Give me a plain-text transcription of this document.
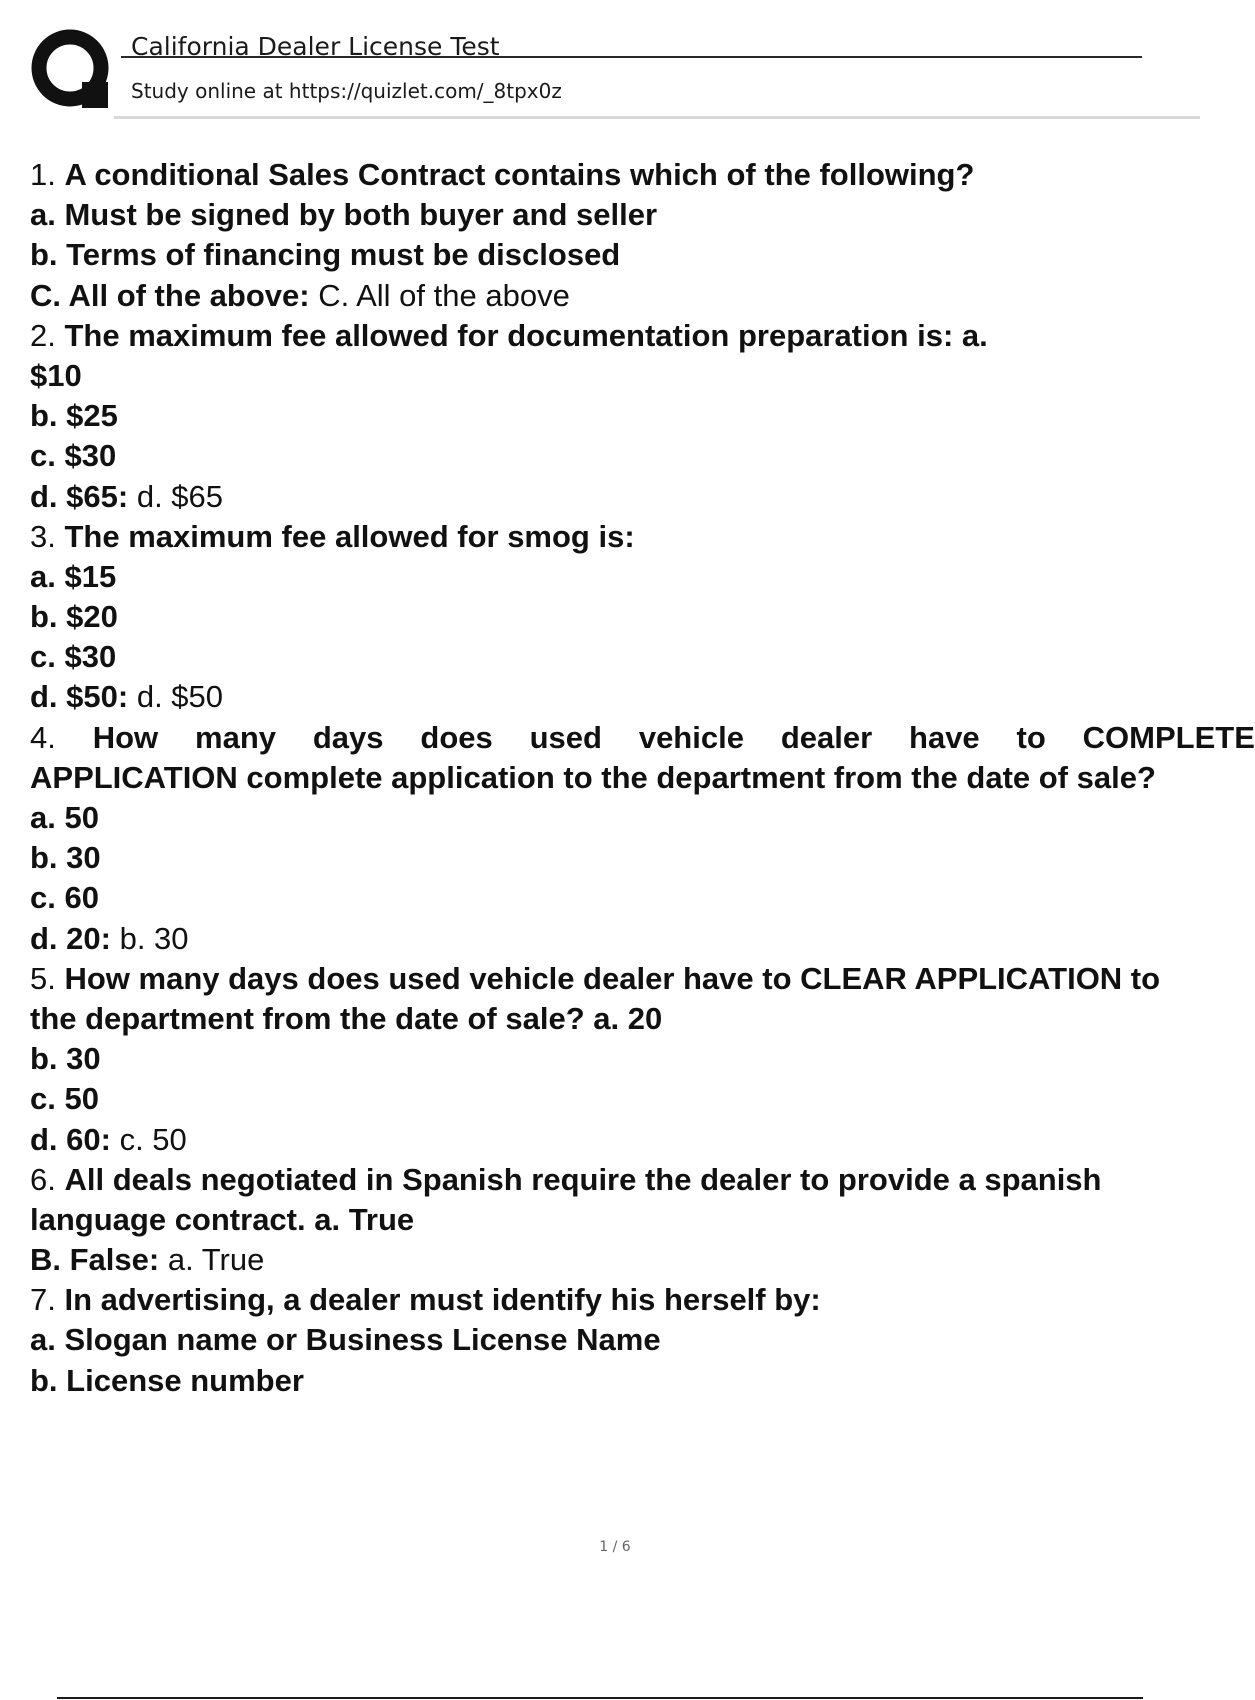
California Dealer License Test
Study online at https://quizlet.com/_8tpx0z
1. A conditional Sales Contract contains which of the following?
a. Must be signed by both buyer and seller
b. Terms of financing must be disclosed
C. All of the above: C. All of the above
2. The maximum fee allowed for documentation preparation is: a.
$10
b. $25
c. $30
d. $65: d. $65
3. The maximum fee allowed for smog is:
a. $15
b. $20
c. $30
d. $50: d. $50
4. How many days does used vehicle dealer have to COMPLETE
APPLICATION complete application to the department from the date of sale?
a. 50
b. 30
c. 60
d. 20: b. 30
5. How many days does used vehicle dealer have to CLEAR APPLICATION to
the department from the date of sale? a. 20
b. 30
c. 50
d. 60: c. 50
6. All deals negotiated in Spanish require the dealer to provide a spanish
language contract. a. True
B. False: a. True
7. In advertising, a dealer must identify his herself by:
a. Slogan name or Business License Name
b. License number
1 / 6
